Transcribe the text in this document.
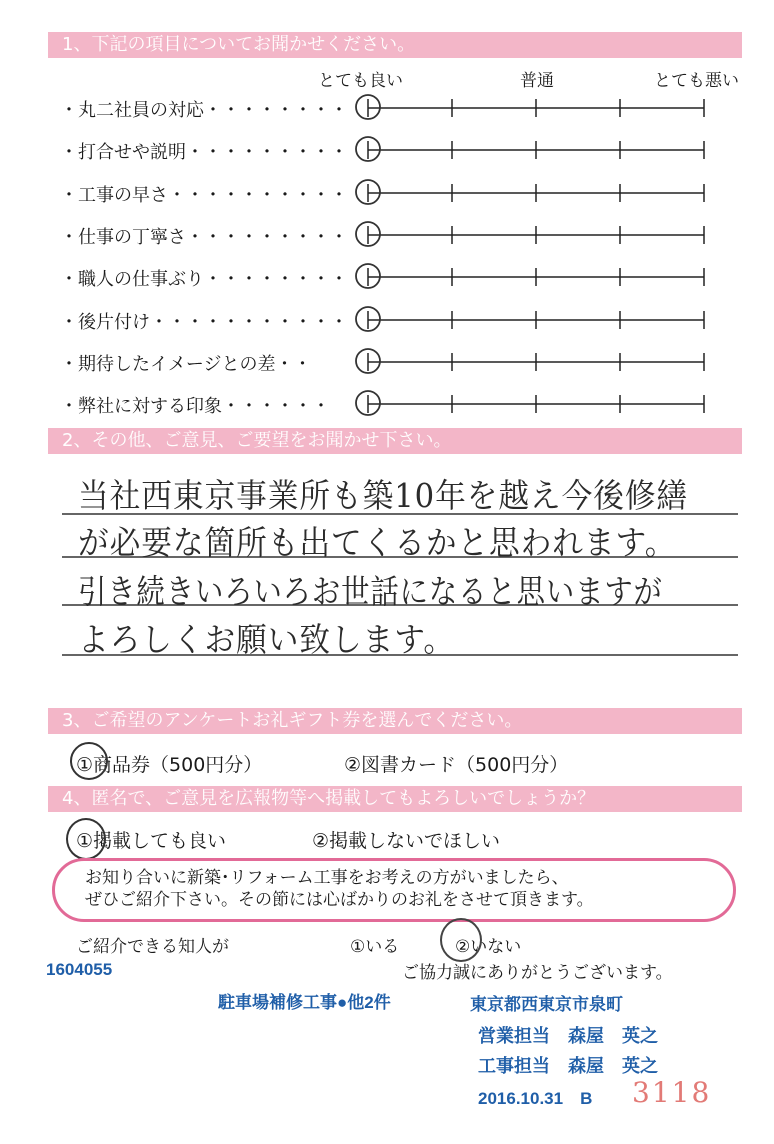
1、下記の項目についてお聞かせください。
とても良い	普通	とても悪い
・丸二社員の対応・・・・・・・・
・打合せや説明・・・・・・・・・
・工事の早さ・・・・・・・・・・
・仕事の丁寧さ・・・・・・・・・
・職人の仕事ぶり・・・・・・・・
・後片付け・・・・・・・・・・・
・期待したイメージとの差・・
・弊社に対する印象・・・・・・
2、その他、ご意見、ご要望をお聞かせ下さい。
当社西東京事業所も築10年を越え今後修繕
が必要な箇所も出てくるかと思われます。
引き続きいろいろお世話になると思いますが
よろしくお願い致します。
3、ご希望のアンケートお礼ギフト券を選んでください。
①商品券（500円分）	②図書カード（500円分）
4、匿名で、ご意見を広報物等へ掲載してもよろしいでしょうか？
①掲載しても良い	②掲載しないでほしい
お知り合いに新築･リフォーム工事をお考えの方がいましたら、
ぜひご紹介下さい。その節には心ばかりのお礼をさせて頂きます。
ご紹介できる知人が	①いる	②いない
ご協力誠にありがとうございます。
1604055
駐車場補修工事●他2件	東京都西東京市泉町
営業担当　森屋　英之
工事担当　森屋　英之
2016.10.31　B 3118
